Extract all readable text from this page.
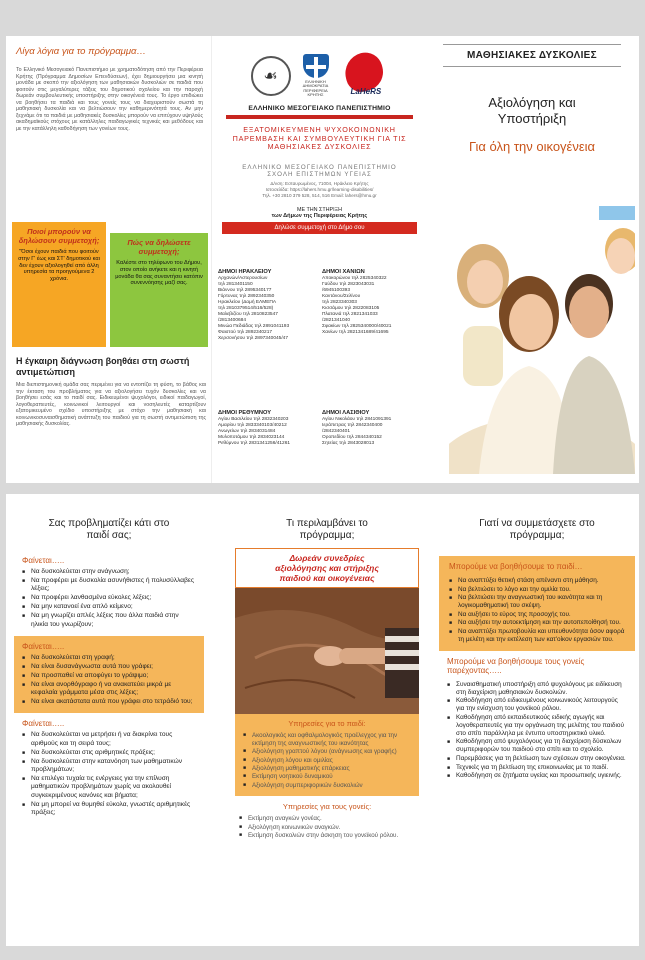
Λίγα λόγια για το πρόγραμμα…

Το Ελληνικό Μεσογειακό Πανεπιστήμιο με χρηματοδότηση από την Περιφέρεια Κρήτης (Πρόγραμμα Δημοσίων Επενδύσεων), έχει δημιουργήσει μια κινητή μονάδα με σκοπό την αξιολόγηση των μαθησιακών δυσκολιών σε παιδιά που φοιτούν στις μεγαλύτερες τάξεις του δημοτικού σχολείου και την παροχή δωρεάν συμβουλευτικής υποστήριξης στην οικογένειά τους. Το έργο επιδιώκει να βοηθήσει τα παιδιά και τους γονείς τους να διαχειριστούν σωστά τη μαθησιακή δυσκολία και να βελτιώσουν την καθημερινότητά τους. Αν μην ξεχνάμε ότι τα παιδιά με μαθησιακές δυσκολίες μπορούν να επιτύχουν υψηλούς ακαδημαϊκούς στόχους με κατάλληλες παιδαγωγικές τεχνικές και μεθόδους και με την κατάλληλη καθοδήγηση των γονέων τους.

Ποιοί μπορούν να δηλώσουν συμμετοχή;
"Όσοι έχουν παιδιά που φοιτούν στην Γ' έως και ΣΤ' δημοτικού και δεν έχουν αξιολογηθεί από άλλη υπηρεσία τα προηγούμενα 2 χρόνια.
Πώς να δηλώσετε συμμετοχή;
Καλέστε στο τηλέφωνο του Δήμου, στον οποίο ανήκετε και η κινητή μονάδα θα σας συναντήσει κατόπιν συνεννόησης μαζί σας.
Η έγκαιρη διάγνωση βοηθάει στη σωστή αντιμετώπιση

Μια διεπιστημονική ομάδα σας περιμένει για να εντοπίζει τη φύση, το βάθος και την έκταση του προβλήματος για να αξιολογήσει τυχόν δυσκολίες και να βοηθήσει εσάς και το παιδί σας. Ειδικευμένοι ψυχολόγοι, ειδικοί παιδαγωγοί, λογοθεραπευτές, κοινωνικοί λειτουργοί και νοσηλευτές καταρτίζουν εξατομικευμένο σχέδιο υποστήριξης με στόχο την μαθησιακή και κοινωνικοσυναισθηματική ανάπτυξη του παιδιού για τη σωστή αντιμετώπιση της μαθησιακής δυσκολίας.

☙	ΕΛΛΗΝΙΚΗ ΔΗΜΟΚΡΑΤΙΑ ΠΕΡΙΦΕΡΕΙΑ ΚΡΗΤΗΣ	LaHeRS
ΕΛΛΗΝΙΚΟ ΜΕΣΟΓΕΙΑΚΟ ΠΑΝΕΠΙΣΤΗΜΙΟ
ΕΞΑΤΟΜΙΚΕΥΜΕΝΗ ΨΥΧΟΚΟΙΝΩΝΙΚΗ ΠΑΡΕΜΒΑΣΗ ΚΑΙ ΣΥΜΒΟΥΛΕΥΤΙΚΗ ΓΙΑ ΤΙΣ ΜΑΘΗΣΙΑΚΕΣ ΔΥΣΚΟΛΙΕΣ
ΕΛΛΗΝΙΚΟ ΜΕΣΟΓΕΙΑΚΟ ΠΑΝΕΠΙΣΤΗΜΙΟ
ΣΧΟΛΗ ΕΠΙΣΤΗΜΩΝ ΥΓΕΙΑΣ
Δ/νση: Εσταυρωμένος, 71004, Ηράκλειο Κρήτης
Ιστοσελίδα: https://lahers.hmu.gr/learning-disabilities/
Τηλ. +30 2810 379 528, 514, 516 Email: lahers@hmu.gr
ΜΕ ΤΗΝ ΣΤΗΡΙΞΗ
των Δήμων της Περιφέρειας Κρήτης
Δηλώσε συμμετοχή στο Δήμο σου
ΔΗΜΟΙ ΗΡΑΚΛΕΙΟΥ
Αρχανών/Αστερουσίων
τηλ 2813401150
Βιάννου τηλ 2895340177
Γόρτυνας τηλ 2892340350
Ηρακλείου (Δομή ΕΛΜΕΠΑ
τηλ 2810379514/516/528)
Μαλεβιζίου τηλ 2810823547
/2813400684
Μινώα Πεδιάδας τηλ 2891041193
Φαιστού τηλ 2892340217
Χερσονήσου τηλ 2897340045/47
ΔΗΜΟΙ ΧΑΝΙΩΝ
Αποκορώνου τηλ 2825340322
Γαύδου τηλ 2823043031
/6945100393
Καντάνου/Σελίνου
τηλ 2823340303
Κισσάμου τηλ 2822083105
Πλατανιά τηλ 2821341033
/2821341040
Σφακίων τηλ 2825340000/40021
Χανίων τηλ 2821341689/41695
ΔΗΜΟΙ ΡΕΘΥΜΝΟΥ
Αγίου Βασιλείου τηλ 2832340203
Αμαρίου τηλ 2833340103/40212
Ανωγείων τηλ 2834031484
Μυλοποτάμου τηλ 2834023144
Ρεθύμνου τηλ 2831341256/41261
ΔΗΜΟΙ ΛΑΣΙΘΙΟΥ
Αγίου Νικολάου τηλ 2841091391
Ιεράπετρας τηλ 2842340400
/2842340401
Οροπεδίου τηλ 2844340152
Σητείας τηλ 2843028013
ΜΑΘΗΣΙΑΚΕΣ ΔΥΣΚΟΛΙΕΣ
Αξιολόγηση και
Υποστήριξη
Για όλη την οικογένεια
Σας προβληματίζει κάτι στο
παιδί σας;
Φαίνεται…..
■ Να δυσκολεύεται στην ανάγνωση;
■ Να προφέρει με δυσκολία ασυνήθιστες ή πολυσύλλαβες λέξεις;
■ Να προφέρει λανθασμένα εύκολες λέξεις;
■ Να μην κατανοεί ένα απλό κείμενο;
■ Να μη γνωρίζει απλές λέξεις που άλλα παιδιά στην ηλικία του γνωρίζουν;
Φαίνεται…..
■ Να δυσκολεύεται στη γραφή;
■ Να είναι δυσανάγνωστα αυτά που γράφει;
■ Να προσπαθεί να αποφύγει το γράψιμο;
■ Να είναι ανορθόγραφο ή να ανακατεύει μικρά με κεφαλαία γράμματα μέσα στις λέξεις;
■ Να είναι ακατάστατα αυτά που γράφει στο τετράδιό του;
Φαίνεται…..
■ Να δυσκολεύεται να μετρήσει ή να διακρίνει τους αριθμούς και τη σειρά τους;
■ Να δυσκολεύεται στις αριθμητικές πράξεις;
■ Να δυσκολεύεται στην κατανόηση των μαθηματικών προβλημάτων;
■ Να επιλέγει τυχαία τις ενέργειες για την επίλυση μαθηματικών προβλημάτων χωρίς να ακολουθεί συγκεκριμένους κανόνες και βήματα;
■ Να μη μπορεί να θυμηθεί εύκολα, γνωστές αριθμητικές πράξεις;
Τι περιλαμβάνει το
πρόγραμμα;
Δωρεάν συνεδρίες
αξιολόγησης και στήριξης
παιδιού και οικογένειας
Υπηρεσίες για το παιδί:
■ Ακοολογικός και οφθαλμολογικός προέλεγχος για την εκτίμηση της αναγνωστικής του ικανότητας
■ Αξιολόγηση γραπτού λόγου (ανάγνωσης και γραφής)
■ Αξιολόγηση λόγου και ομιλίας
■ Αξιολόγηση μαθηματικής επάρκειας
■ Εκτίμηση νοητικού δυναμικού
■ Αξιολόγηση συμπεριφορικών δυσκολιών
Υπηρεσίες για τους γονείς:
■ Εκτίμηση αναγκών γονέας.
■ Αξιολόγηση κοινωνικών αναγκών.
■ Εκτίμηση δυσκολιών στην άσκηση του γονεϊκού ρόλου.
Γιατί να συμμετάσχετε στο
πρόγραμμα;
Μπορούμε να βοηθήσουμε το παιδί…
■ Να αναπτύξει θετική στάση απέναντι στη μάθηση.
■ Να βελτιώσει το λόγο και την ομιλία του.
■ Να βελτιώσει την αναγνωστική του ικανότητα και τη λογικομαθηματική του σκέψη.
■ Να αυξήσει το εύρος της προσοχής του.
■ Να αυξήσει την αυτοεκτίμηση και την αυτοπεποίθησή του.
■ Να αναπτύξει πρωτοβουλία και υπευθυνότητα όσον αφορά τη μελέτη και την εκτέλεση των κατ'οίκον εργασιών του.
Μπορούμε να βοηθήσουμε τους γονείς
παρέχοντας…..
■ Συναισθηματική υποστήριξη από ψυχολόγους με ειδίκευση στη διαχείριση μαθησιακών δυσκολιών.
■ Καθοδήγηση από ειδικευμένους κοινωνικούς λειτουργούς για την ενίσχυση του γονεϊκού ρόλου.
■ Καθοδήγηση από εκπαιδευτικούς ειδικής αγωγής και λογοθεραπευτές για την οργάνωση της μελέτης του παιδιού στο σπίτι παράλληλα με έντυπο υποστηρικτικό υλικό.
■ Καθοδήγηση από ψυχολόγους για τη διαχείριση δύσκολων συμπεριφορών του παιδιού στο σπίτι και το σχολείο.
■ Παρεμβάσεις για τη βελτίωση των σχέσεων στην οικογένεια.
■ Τεχνικές για τη βελτίωση της επικοινωνίας με το παιδί.
■ Καθοδήγηση σε ζητήματα υγείας και προσωπικής υγιεινής.
